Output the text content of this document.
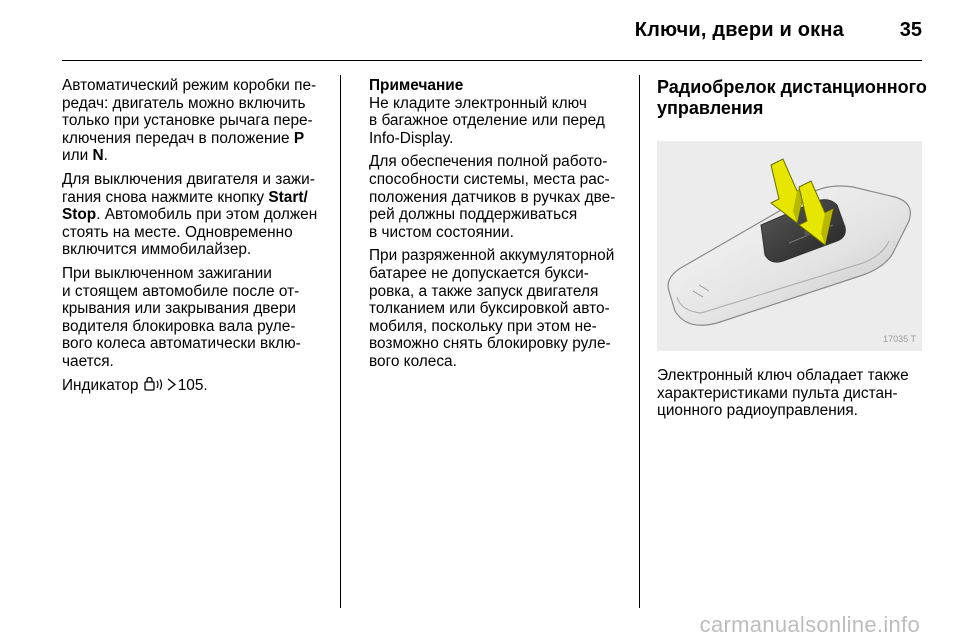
Ключи, двери и окна	35

Автоматический режим коробки пе-
редач: двигатель можно включить
только при установке рычага пере-
ключения передач в положение P
или N.

Для выключения двигателя и зажи-
гания снова нажмите кнопку Start/
Stop. Автомобиль при этом должен
стоять на месте. Одновременно
включится иммобилайзер.

При выключенном зажигании
и стоящем автомобиле после от-
крывания или закрывания двери
водителя блокировка вала руле-
вого колеса автоматически вклю-
чается.

Индикатор 105.

Примечание
Не кладите электронный ключ
в багажное отделение или перед
Info-Display.

Для обеспечения полной работо-
способности системы, места рас-
положения датчиков в ручках две-
рей должны поддерживаться
в чистом состоянии.

При разряженной аккумуляторной
батарее не допускается букси-
ровка, а также запуск двигателя
толканием или буксировкой авто-
мобиля, поскольку при этом не-
возможно снять блокировку руле-
вого колеса.

Радиобрелок дистанционного
управления
17035 T

Электронный ключ обладает также
характеристиками пульта дистан-
ционного радиоуправления.

carmanualsonline.info
